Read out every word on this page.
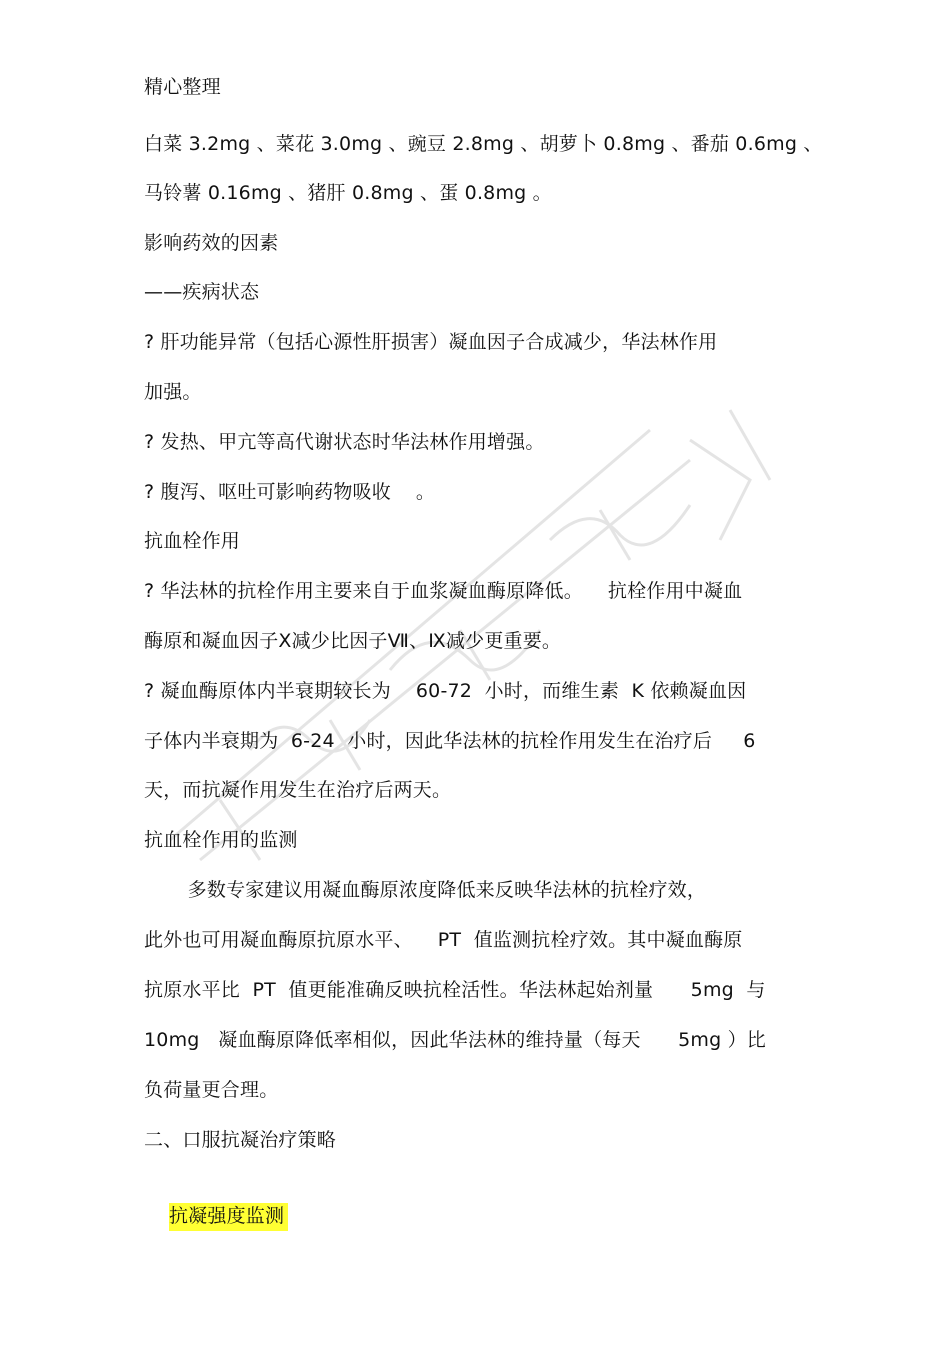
精心整理
白菜 3.2mg 、菜花 3.0mg 、豌豆 2.8mg 、胡萝卜 0.8mg 、番茄 0.6mg 、
马铃薯 0.16mg 、猪肝 0.8mg 、蛋 0.8mg 。
影响药效的因素
——疾病状态
? 肝功能异常（包括心源性肝损害）凝血因子合成减少，华法林作用
加强。
? 发热、甲亢等高代谢状态时华法林作用增强。
? 腹泻、呕吐可影响药物吸收    。
抗血栓作用
? 华法林的抗栓作用主要来自于血浆凝血酶原降低。    抗栓作用中凝血
酶原和凝血因子Ⅹ减少比因子Ⅶ、Ⅸ减少更重要。
? 凝血酶原体内半衰期较长为    60-72  小时，而维生素  K 依赖凝血因
子体内半衰期为  6-24  小时，因此华法林的抗栓作用发生在治疗后     6
天，而抗凝作用发生在治疗后两天。
抗血栓作用的监测
多数专家建议用凝血酶原浓度降低来反映华法林的抗栓疗效，
此外也可用凝血酶原抗原水平、    PT  值监测抗栓疗效。其中凝血酶原
抗原水平比  PT  值更能准确反映抗栓活性。华法林起始剂量      5mg  与
10mg   凝血酶原降低率相似，因此华法林的维持量（每天      5mg ）比
负荷量更合理。
二、口服抗凝治疗策略

抗凝强度监测
